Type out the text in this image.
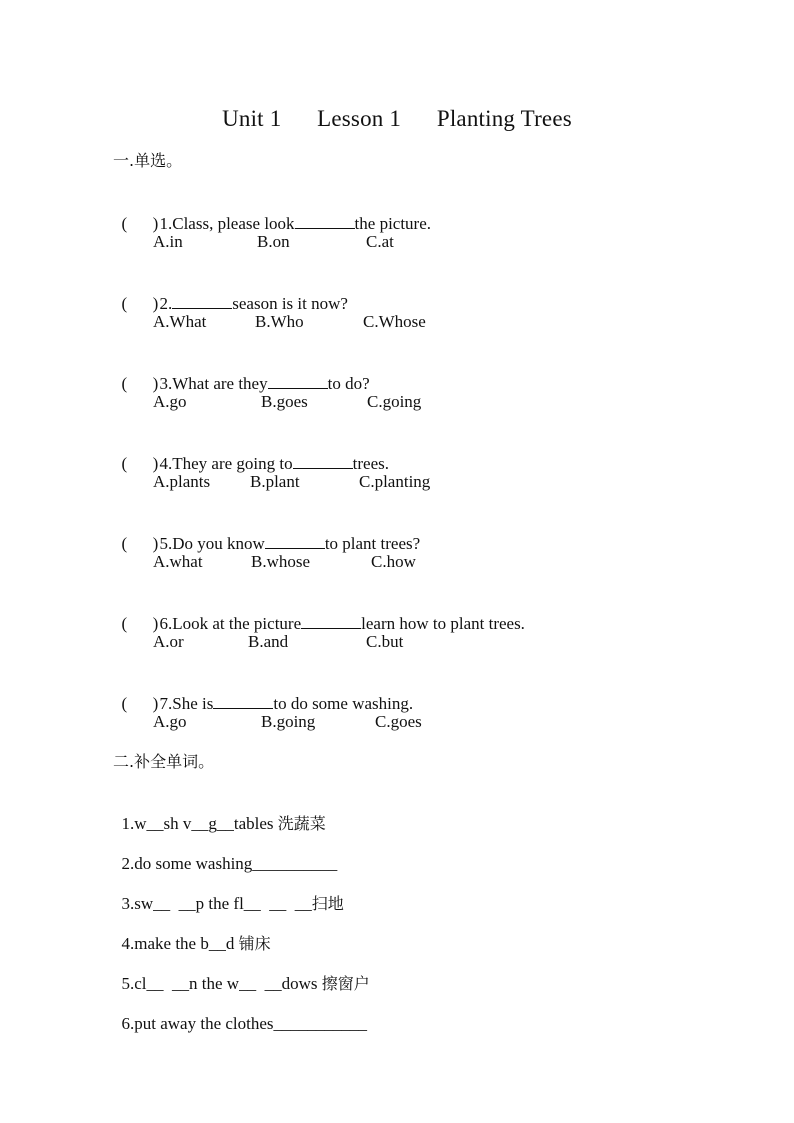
Unit 1      Lesson 1      Planting Trees
一.单选。

(      )1.Class, please look	the picture.

A.in

	B.on

	C.at

(      )2.	season is it now?

A.What

	B.Who

	C.Whose

(      )3.What are they	to do?

A.go

	B.goes

	C.going

(      )4.They are going to	trees.

A.plants

B.plant

	C.planting

(      )5.Do you know	to plant trees?

A.what

	B.whose

	C.how

(      )6.Look at the picture	learn how to plant trees.

A.or

	B.and

	C.but

(      )7.She is	to do some washing.

A.go

	B.going

	C.goes

二.补全单词。

1.w__sh v__g__tables 洗蔬菜

2.do some washing__________

3.sw__  __p the fl__  __  __扫地

4.make the b__d 铺床

5.cl__  __n the w__  __dows 擦窗户

6.put away the clothes___________
